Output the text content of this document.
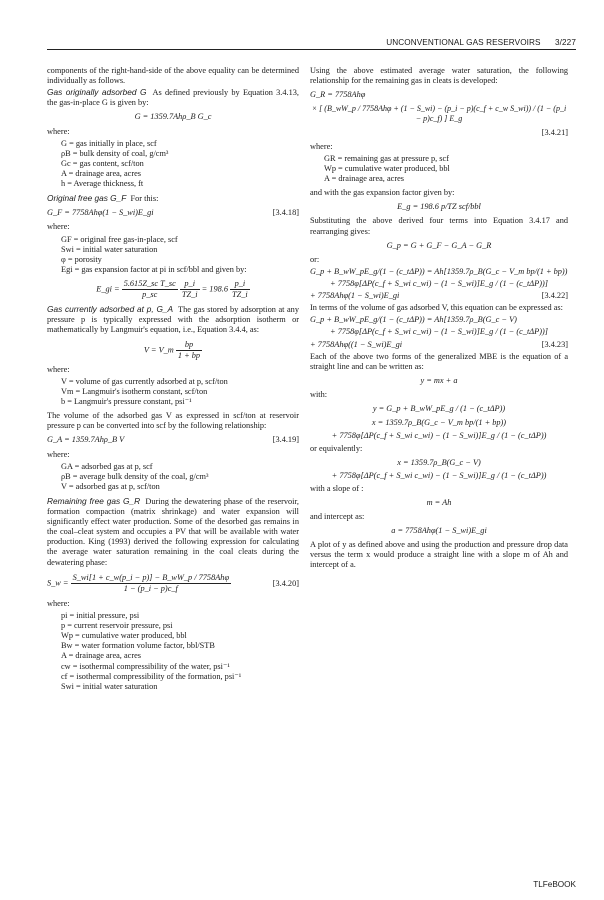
UNCONVENTIONAL GAS RESERVOIRS 3/227

components of the right-hand-side of the above equality can be determined individually as follows.

Gas originally adsorbed G As defined previously by Equation 3.4.13, the gas-in-place G is given by:

G = 1359.7Ahρ_B G_c

where:

G = gas initially in place, scf
ρB = bulk density of coal, g/cm³
Gc = gas content, scf/ton
A = drainage area, acres
h = Average thickness, ft

Original free gas G_F For this:

G_F = 7758Ahφ(1 − S_wi)E_gi	[3.4.18]

where:

GF = original free gas-in-place, scf
Swi = initial water saturation
φ = porosity
Egi = gas expansion factor at pi in scf/bbl and given by:
E_gi = $\frac{\text{5.615Z\_sc T\_sc}}{p\_sc}$
$\frac{p\_i}{TZ\_i} = 198.6 \frac{p\_i}{TZ\_i}$

Gas currently adsorbed at p, G_A The gas stored by adsorption at any pressure p is typically expressed with the adsorption isotherm or mathematically by Langmuir's equation, i.e., Equation 3.4.4, as:

V = V_m $\frac{bp}{1 + bp}$

where:

V = volume of gas currently adsorbed at p, scf/ton
Vm = Langmuir's isotherm constant, scf/ton
b = Langmuir's pressure constant, psi⁻¹

The volume of the adsorbed gas V as expressed in scf/ton at reservoir pressure p can be converted into scf by the following relationship:

G_A = 1359.7Ahρ_B V	[3.4.19]

where:

GA = adsorbed gas at p, scf
ρB = average bulk density of the coal, g/cm³
V = adsorbed gas at p, scf/ton

Remaining free gas G_R During the dewatering phase of the reservoir, formation compaction (matrix shrinkage) and water expansion will significantly effect water production. Some of the desorbed gas remains in the coal–cleat system and occupies a PV that will be available with water production. King (1993) derived the following expression for calculating the average water saturation remaining in the coal cleats during the dewatering phase:

S_w = $\frac{\text{S\_wi[1 + c\_w(p\_i − p)] − B\_wW\_p / 7758Ahφ}}{1 - (p\_i - p)c\_f}$	[3.4.20]

where:

pi = initial pressure, psi
p = current reservoir pressure, psi
Wp = cumulative water produced, bbl
Bw = water formation volume factor, bbl/STB
A = drainage area, acres
cw = isothermal compressibility of the water, psi⁻¹
cf = isothermal compressibility of the formation, psi⁻¹
Swi = initial water saturation

Using the above estimated average water saturation, the following relationship for the remaining gas in cleats is developed:

G_R = 7758Ahφ
× [ (B_wW_p / 7758Ahφ + (1 − S_wi) − (p_i − p)(c_f + c_w S_wi)) / (1 − (p_i − p)c_f) ] E_g
[3.4.21]

where:

GR = remaining gas at pressure p, scf
Wp = cumulative water produced, bbl
A = drainage area, acres

and with the gas expansion factor given by:

E_g = 198.6 p/TZ scf/bbl

Substituting the above derived four terms into Equation 3.4.17 and rearranging gives:

G_p = G + G_F − G_A − G_R

or:

G_p + B_wW_pE_g/(1 − (c_tΔP)) = Ah[1359.7ρ_B(G_c − V_m bp/(1 + bp))
+ 7758φ[ΔP(c_f + S_wi c_wi) − (1 − S_wi)]E_g / (1 − (c_tΔP))]
+ 7758Ahφ(1 − S_wi)E_gi	[3.4.22]

In terms of the volume of gas adsorbed V, this equation can be expressed as:

G_p + B_wW_pE_g/(1 − (c_tΔP)) = Ah[1359.7ρ_B(G_c − V)
+ 7758φ[ΔP(c_f + S_wi c_wi) − (1 − S_wi)]E_g / (1 − (c_tΔP))]
+ 7758Ahφ((1 − S_wi)E_gi	[3.4.23]

Each of the above two forms of the generalized MBE is the equation of a straight line and can be written as:

y = mx + a

with:

y = G_p + B_wW_pE_g / (1 − (c_tΔP))
x = 1359.7ρ_B(G_c − V_m bp/(1 + bp))
+ 7758φ[ΔP(c_f + S_wi c_wi) − (1 − S_wi)]E_g / (1 − (c_tΔP))

or equivalently:

x = 1359.7ρ_B(G_c − V)
+ 7758φ[ΔP(c_f + S_wi c_wi) − (1 − S_wi)]E_g / (1 − (c_tΔP))

with a slope of :

m = Ah

and intercept as:

a = 7758Ahφ(1 − S_wi)E_gi

A plot of y as defined above and using the production and pressure drop data versus the term x would produce a straight line with a slope m of Ah and intercept of a.

TLFeBOOK
